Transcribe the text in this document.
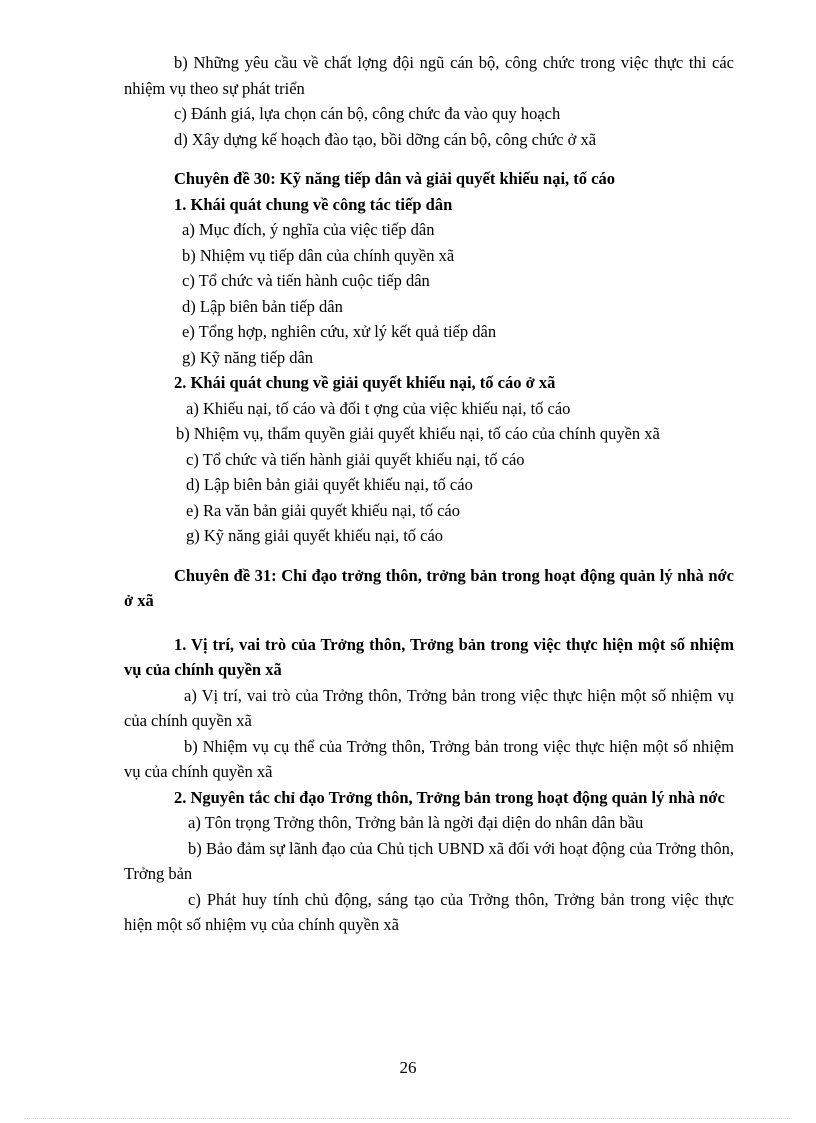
b) Những yêu cầu về chất lợng đội ngũ cán bộ, công chức trong việc thực thi các nhiệm vụ theo sự phát triển

c) Đánh giá, lựa chọn cán bộ, công chức đa vào quy hoạch

d) Xây dựng kế hoạch đào tạo, bồi dỡng cán bộ, công chức ở xã

Chuyên đề 30: Kỹ năng tiếp dân và giải quyết khiếu nại, tố cáo

1. Khái quát chung về công tác tiếp dân

a) Mục đích, ý nghĩa của việc tiếp dân

b) Nhiệm vụ tiếp dân của chính quyền xã

c) Tổ chức và tiến hành cuộc tiếp dân

d) Lập biên bản tiếp dân

e) Tổng hợp, nghiên cứu, xử lý kết quả tiếp dân

g) Kỹ năng tiếp dân

2. Khái quát chung về giải quyết khiếu nại, tố cáo ở xã

a) Khiếu nại, tố cáo và đối t ợng của việc khiếu nại, tố cáo

b) Nhiệm vụ, thẩm quyền giải quyết khiếu nại, tố cáo của chính quyền xã

c) Tổ chức và tiến hành giải quyết khiếu nại, tố cáo

d) Lập biên bản giải quyết khiếu nại, tố cáo

e) Ra văn bản giải quyết khiếu nại, tố cáo

g) Kỹ năng giải quyết khiếu nại, tố cáo

Chuyên đề 31: Chỉ đạo trởng thôn, trởng bản trong hoạt động quản lý nhà nớc ở xã

1. Vị trí, vai trò của Trởng thôn, Trởng bản trong việc thực hiện một số nhiệm vụ của chính quyền xã

a) Vị trí, vai trò của Trởng thôn, Trởng bản trong việc thực hiện một số nhiệm vụ của chính quyền xã

b) Nhiệm vụ cụ thể của Trởng thôn, Trởng bản trong việc thực hiện một số nhiệm vụ của chính quyền xã

2. Nguyên tắc chỉ đạo Trởng thôn, Trởng bản trong hoạt động quản lý nhà nớc

a) Tôn trọng Trởng thôn, Trởng bản là ngời đại diện do nhân dân bầu

b) Bảo đảm sự lãnh đạo của Chủ tịch UBND xã đối với hoạt động của Trởng thôn, Trởng bản

c) Phát huy tính chủ động, sáng tạo của Trởng thôn, Trởng bản trong việc thực hiện một số nhiệm vụ của chính quyền xã

26
